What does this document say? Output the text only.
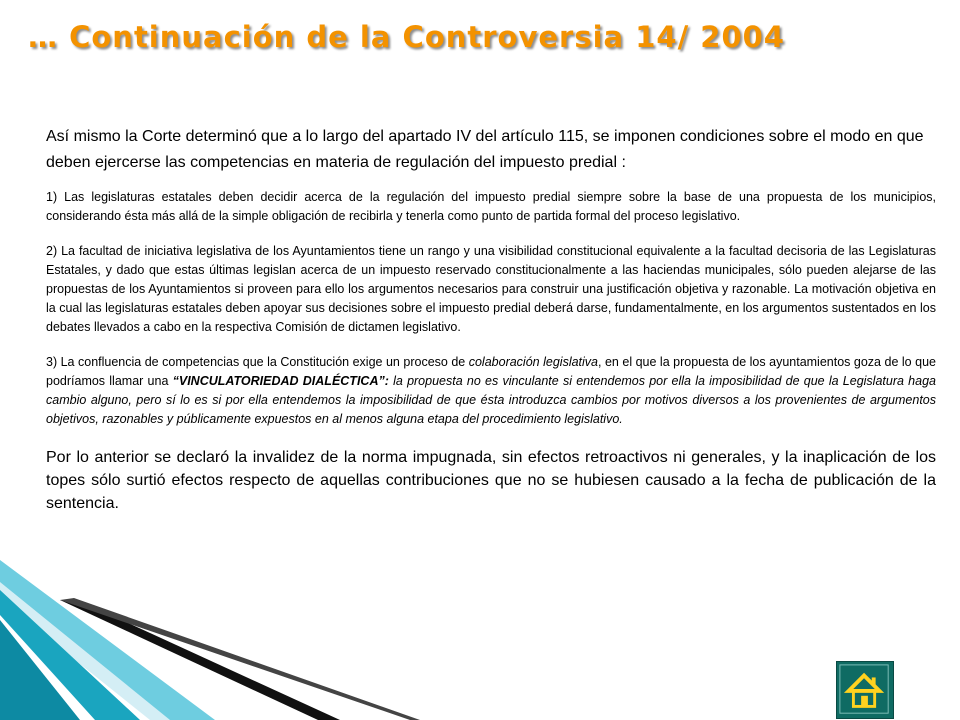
… Continuación de la Controversia 14/ 2004

Así mismo la Corte determinó que a lo largo del apartado IV del artículo 115, se imponen condiciones sobre el modo en que deben ejercerse las competencias en materia de regulación del impuesto predial :

1) Las legislaturas estatales deben decidir acerca de la regulación del impuesto predial siempre sobre la base de una propuesta de los municipios, considerando ésta más allá de la simple obligación de recibirla y tenerla como punto de partida formal del proceso legislativo.

2) La facultad de iniciativa legislativa de los Ayuntamientos tiene un rango y una visibilidad constitucional equivalente a la facultad decisoria de las Legislaturas Estatales, y dado que estas últimas legislan acerca de un impuesto reservado constitucionalmente a las haciendas municipales, sólo pueden alejarse de las propuestas de los Ayuntamientos si proveen para ello los argumentos necesarios para construir una justificación objetiva y razonable. La motivación objetiva en la cual las legislaturas estatales deben apoyar sus decisiones sobre el impuesto predial deberá darse, fundamentalmente, en los argumentos sustentados en los debates llevados a cabo en la respectiva Comisión de dictamen legislativo.

3) La confluencia de competencias que la Constitución exige un proceso de colaboración legislativa, en el que la propuesta de los ayuntamientos goza de lo que podríamos llamar una “VINCULATORIEDAD DIALÉCTICA”: la propuesta no es vinculante si entendemos por ella la imposibilidad de que la Legislatura haga cambio alguno, pero sí lo es si por ella entendemos la imposibilidad de que ésta introduzca cambios por motivos diversos a los provenientes de argumentos objetivos, razonables y públicamente expuestos en al menos alguna etapa del procedimiento legislativo.

Por lo anterior se declaró la invalidez de la norma impugnada, sin efectos retroactivos ni generales, y la inaplicación de los topes sólo surtió efectos respecto de aquellas contribuciones que no se hubiesen causado a la fecha de publicación de la sentencia.
